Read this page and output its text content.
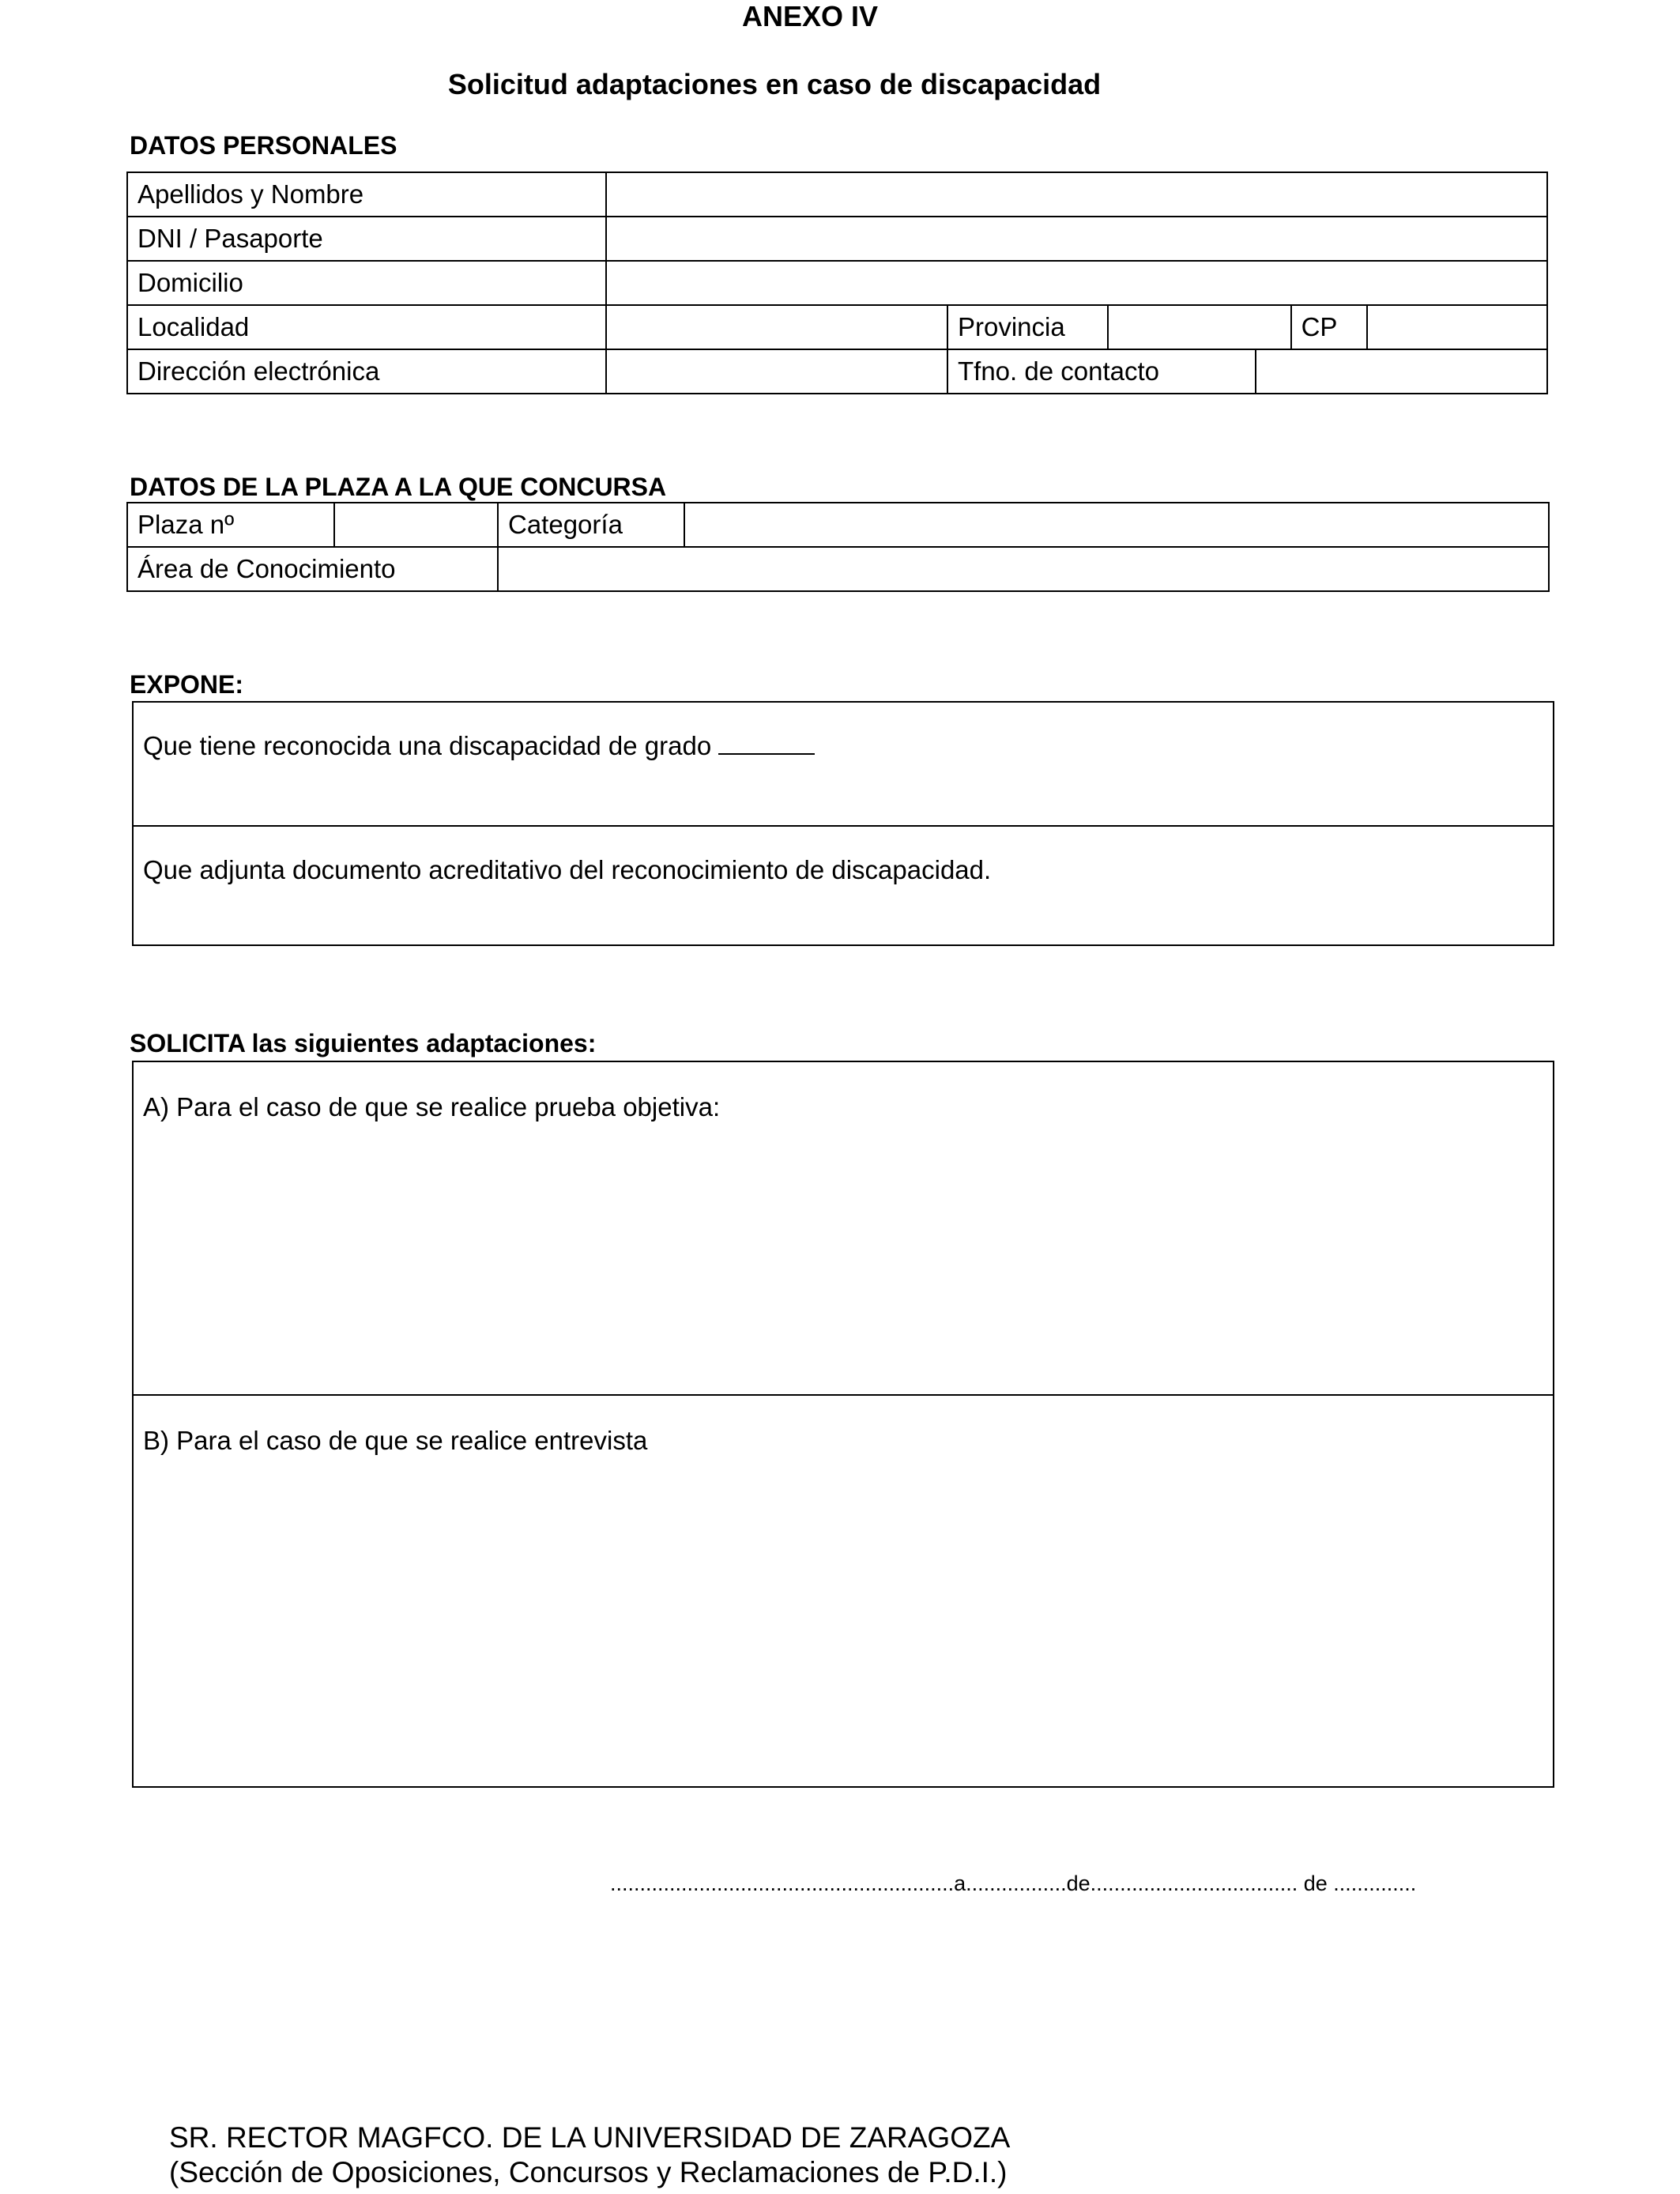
ANEXO IV
Solicitud adaptaciones en caso de discapacidad
DATOS PERSONALES
Apellidos y Nombre						
DNI / Pasaporte						
Domicilio						
Localidad		Provincia			CP	
Dirección electrónica		Tfno. de contacto				
DATOS DE LA PLAZA A LA QUE CONCURSA
Plaza nº		Categoría	
Área de Conocimiento			
EXPONE:
Que tiene reconocida una discapacidad de grado
Que adjunta documento acreditativo del reconocimiento de discapacidad.
SOLICITA las siguientes adaptaciones:
A) Para el caso de que se realice prueba objetiva:
B) Para el caso de que se realice entrevista
..........................................................a.................de................................... de ..............
SR. RECTOR MAGFCO. DE LA UNIVERSIDAD DE ZARAGOZA
(Sección de Oposiciones, Concursos y Reclamaciones de P.D.I.)
